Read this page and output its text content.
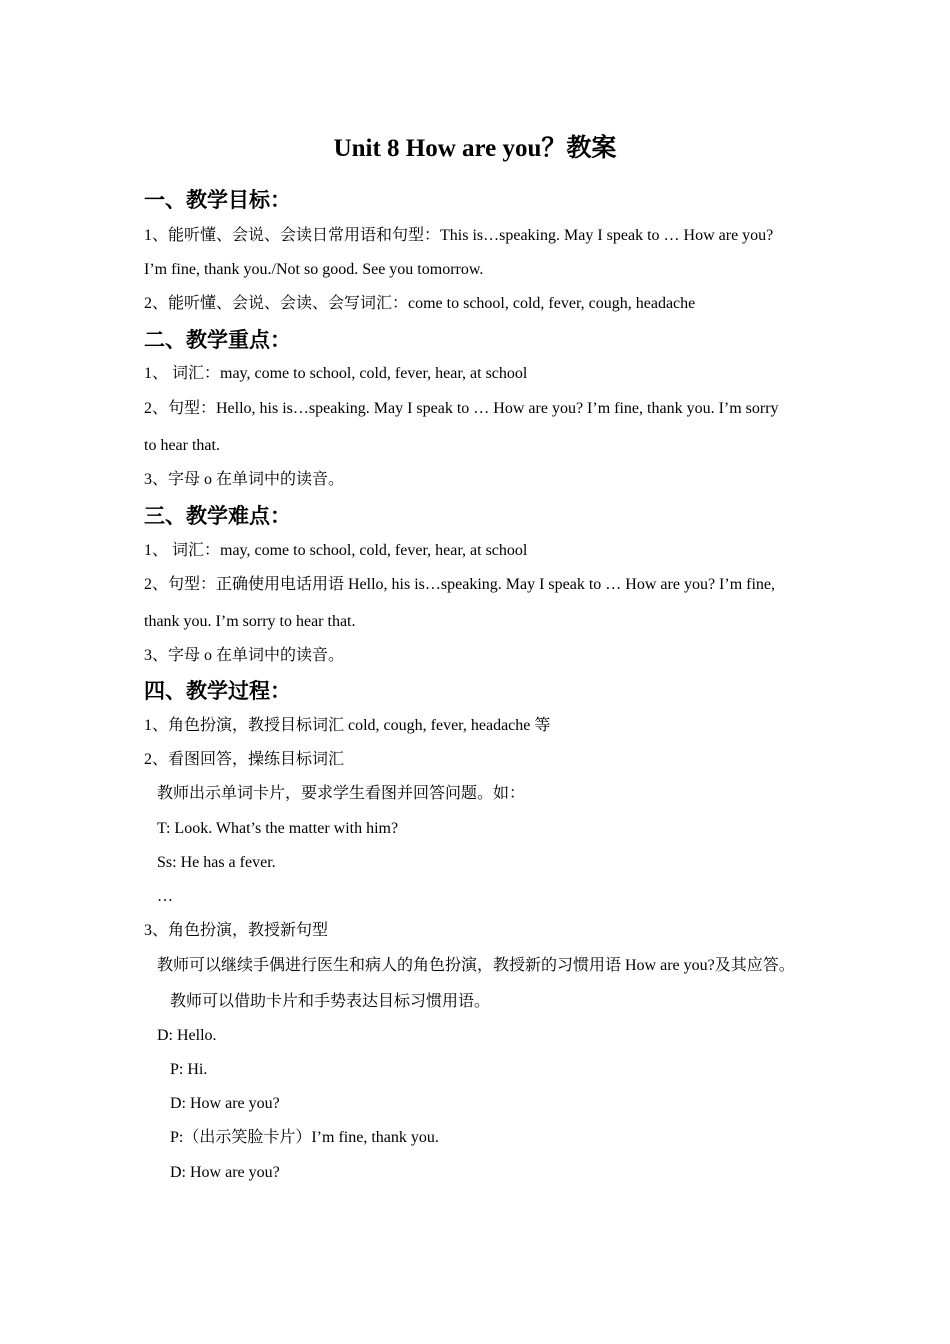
Unit 8 How are you？教案
一、教学目标：
1、能听懂、会说、会读日常用语和句型：This is…speaking. May I speak to … How are you?
I’m fine, thank you./Not so good. See you tomorrow.
2、能听懂、会说、会读、会写词汇：come to school, cold, fever, cough, headache
二、教学重点：
1、 词汇：may, come to school, cold, fever, hear, at school
2、句型：Hello, his is…speaking. May I speak to … How are you? I’m fine, thank you. I’m sorry
to hear that.
3、字母 o 在单词中的读音。
三、教学难点：
1、 词汇：may, come to school, cold, fever, hear, at school
2、句型：正确使用电话用语 Hello, his is…speaking. May I speak to … How are you? I’m fine,
thank you. I’m sorry to hear that.
3、字母 o 在单词中的读音。
四、教学过程：
1、角色扮演，教授目标词汇 cold, cough, fever, headache 等
2、看图回答，操练目标词汇
教师出示单词卡片，要求学生看图并回答问题。如：
T: Look. What’s the matter with him?
Ss: He has a fever.
…
3、角色扮演，教授新句型
教师可以继续手偶进行医生和病人的角色扮演，教授新的习惯用语 How are you?及其应答。
教师可以借助卡片和手势表达目标习惯用语。
D: Hello.
P: Hi.
D: How are you?
P:（出示笑脸卡片）I’m fine, thank you.
D: How are you?
